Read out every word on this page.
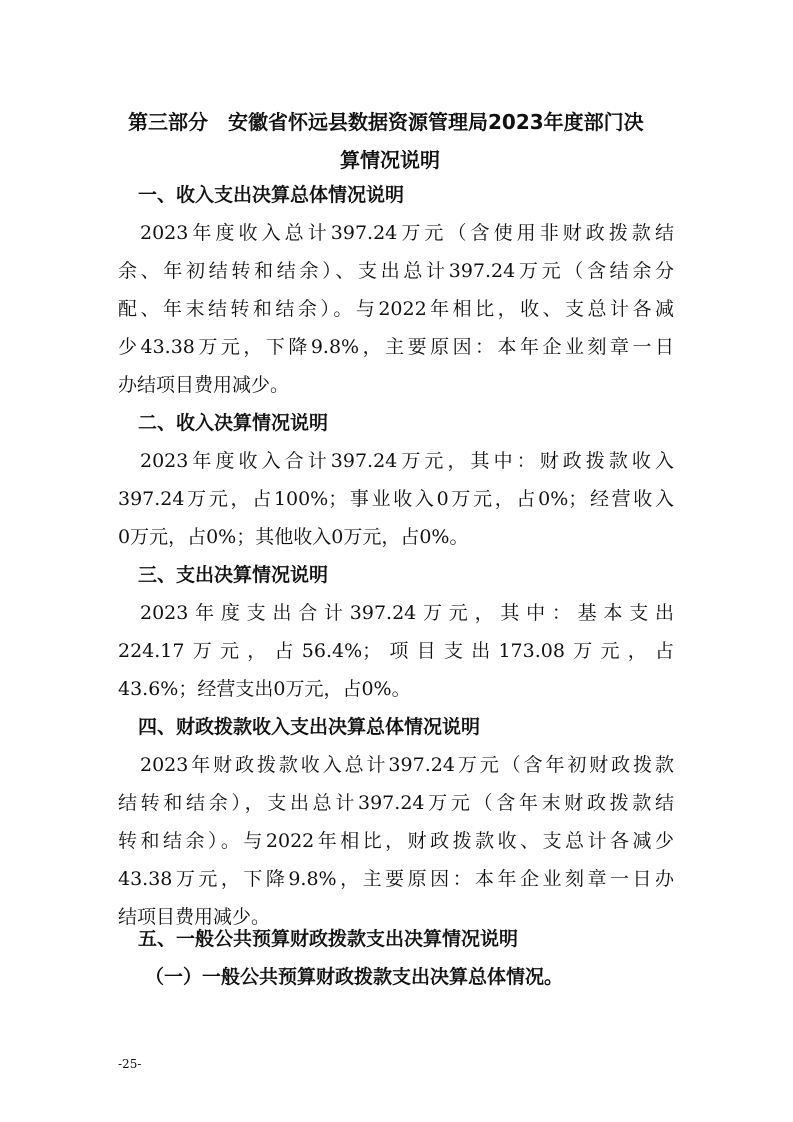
第三部分　安徽省怀远县数据资源管理局2023年度部门决
算情况说明
一、收入支出决算总体情况说明
2023年度收入总计397.24万元（含使用非财政拨款结
余、年初结转和结余）、支出总计397.24万元（含结余分
配、年末结转和结余）。与2022年相比，收、支总计各减
少43.38万元，下降9.8%，主要原因：本年企业刻章一日
办结项目费用减少。
二、收入决算情况说明
2023年度收入合计397.24万元，其中：财政拨款收入
397.24万元，占100%；事业收入0万元，占0%；经营收入
0万元，占0%；其他收入0万元，占0%。
三、支出决算情况说明
2023年度支出合计397.24万元，其中：基本支出
224.17万元，占56.4%；项目支出173.08万元，占
43.6%；经营支出0万元，占0%。
四、财政拨款收入支出决算总体情况说明
2023年财政拨款收入总计397.24万元（含年初财政拨款
结转和结余），支出总计397.24万元（含年末财政拨款结
转和结余）。与2022年相比，财政拨款收、支总计各减少
43.38万元，下降9.8%，主要原因：本年企业刻章一日办
结项目费用减少。
五、一般公共预算财政拨款支出决算情况说明
（一）一般公共预算财政拨款支出决算总体情况。
-25-
